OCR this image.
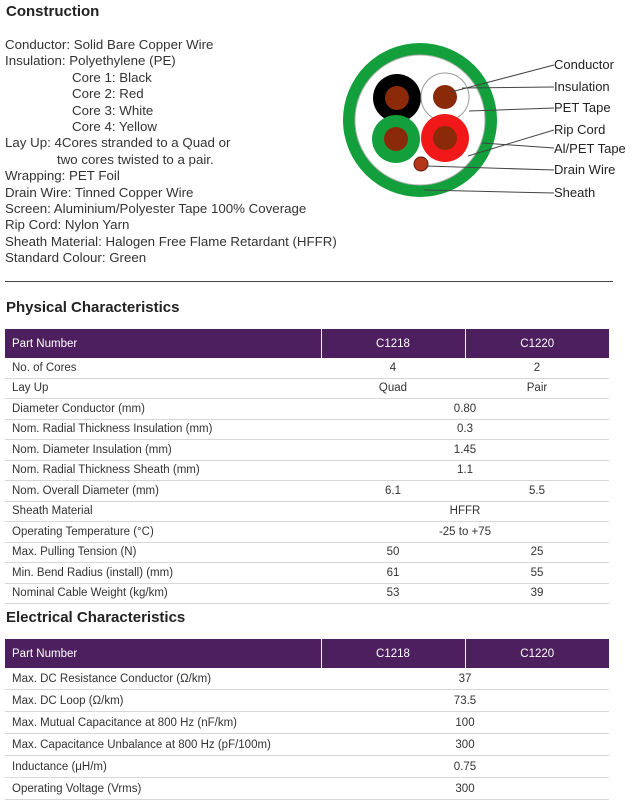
Construction
Conductor: Solid Bare Copper Wire
Insulation: Polyethylene (PE)
Core 1: Black
Core 2: Red
Core 3: White
Core 4: Yellow
Lay Up: 4Cores stranded to a Quad or
two cores twisted to a pair.
Wrapping: PET Foil
Drain Wire: Tinned Copper Wire
Screen: Aluminium/Polyester Tape 100% Coverage
Rip Cord: Nylon Yarn
Sheath Material: Halogen Free Flame Retardant (HFFR)
Standard Colour: Green
Conductor
Insulation
PET Tape
Rip Cord
Al/PET Tape
Drain Wire
Sheath
Physical Characteristics
Part Number	C1218	C1220
No. of Cores	4	2
Lay Up	Quad	Pair
Diameter Conductor (mm)	0.80	
Nom. Radial Thickness Insulation (mm)	0.3	
Nom. Diameter Insulation (mm)	1.45	
Nom. Radial Thickness Sheath (mm)	1.1	
Nom. Overall Diameter (mm)	6.1	5.5
Sheath Material	HFFR	
Operating Temperature (°C)	-25 to +75	
Max. Pulling Tension (N)	50	25
Min. Bend Radius (install) (mm)	61	55
Nominal Cable Weight (kg/km)	53	39
Electrical Characteristics
Part Number	C1218	C1220
Max. DC Resistance Conductor (Ω/km)	37	
Max. DC Loop (Ω/km)	73.5	
Max. Mutual Capacitance at 800 Hz (nF/km)	100	
Max. Capacitance Unbalance at 800 Hz (pF/100m)	300	
Inductance (μH/m)	0.75	
Operating Voltage (Vrms)	300	
